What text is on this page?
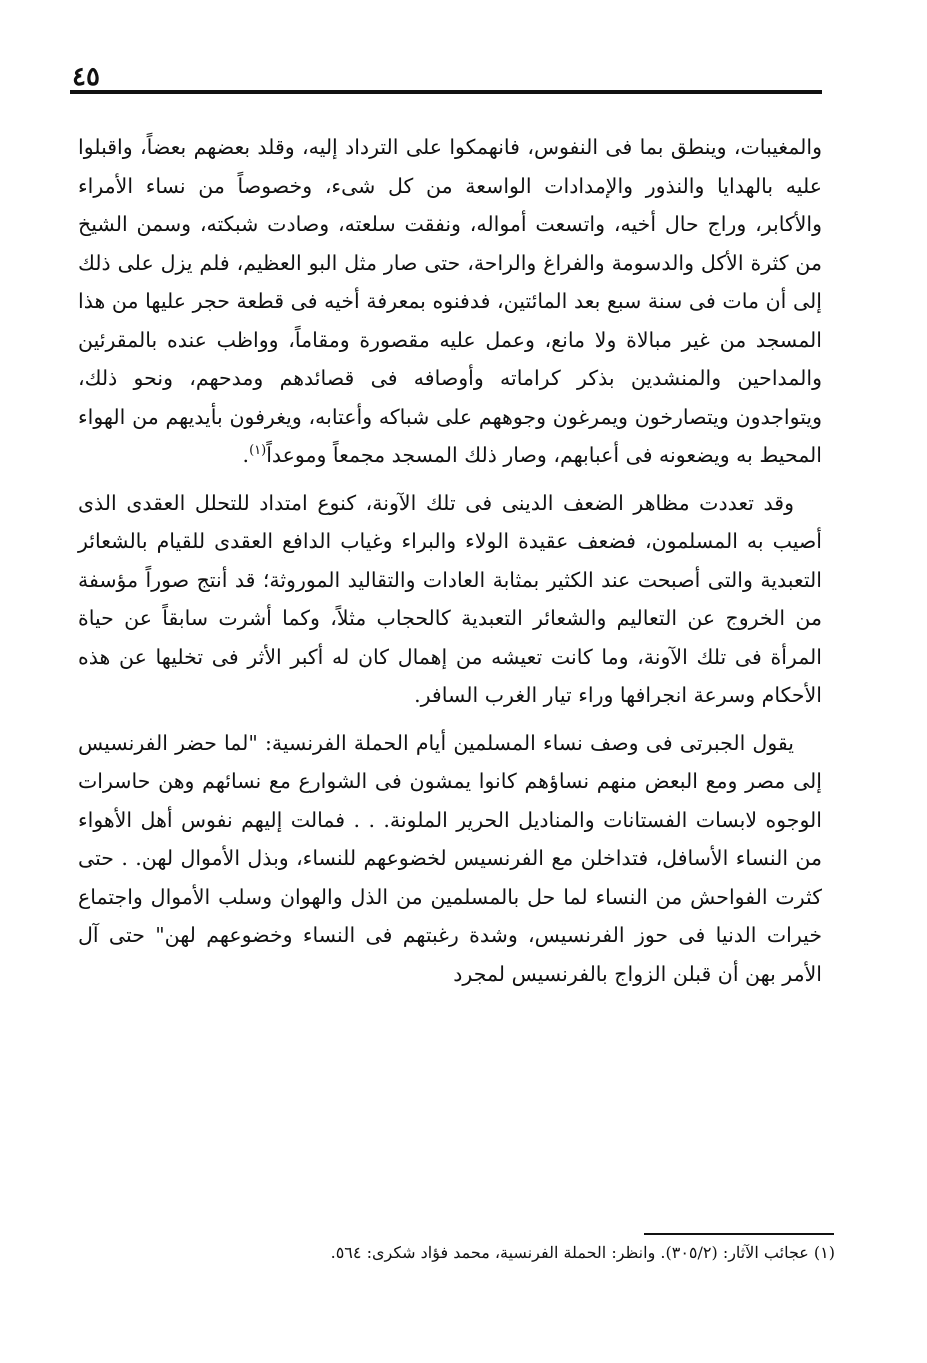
٤٥

والمغيبات، وينطق بما فى النفوس، فانهمكوا على الترداد إليه، وقلد بعضهم بعضاً، واقبلوا عليه بالهدايا والنذور والإمدادات الواسعة من كل شىء، وخصوصاً من نساء الأمراء والأكابر، وراج حال أخيه، واتسعت أمواله، ونفقت سلعته، وصادت شبكته، وسمن الشيخ من كثرة الأكل والدسومة والفراغ والراحة، حتى صار مثل البو العظيم، فلم يزل على ذلك إلى أن مات فى سنة سبع بعد المائتين، فدفنوه بمعرفة أخيه فى قطعة حجر عليها من هذا المسجد من غير مبالاة ولا مانع، وعمل عليه مقصورة ومقاماً، وواظب عنده بالمقرئين والمداحين والمنشدين بذكر كراماته وأوصافه فى قصائدهم ومدحهم، ونحو ذلك، ويتواجدون ويتصارخون ويمرغون وجوههم على شباكه وأعتابه، ويغرفون بأيديهم من الهواء المحيط به ويضعونه فى أعبابهم، وصار ذلك المسجد مجمعاً وموعداً$^{(١)}$.

وقد تعددت مظاهر الضعف الدينى فى تلك الآونة، كنوع امتداد للتحلل العقدى الذى أصيب به المسلمون، فضعف عقيدة الولاء والبراء وغياب الدافع العقدى للقيام بالشعائر التعبدية والتى أصبحت عند الكثير بمثابة العادات والتقاليد الموروثة؛ قد أنتج صوراً مؤسفة من الخروج عن التعاليم والشعائر التعبدية كالحجاب مثلاً، وكما أشرت سابقاً عن حياة المرأة فى تلك الآونة، وما كانت تعيشه من إهمال كان له أكبر الأثر فى تخليها عن هذه الأحكام وسرعة انجرافها وراء تيار الغرب السافر.

يقول الجبرتى فى وصف نساء المسلمين أيام الحملة الفرنسية: "لما حضر الفرنسيس إلى مصر ومع البعض منهم نساؤهم كانوا يمشون فى الشوارع مع نسائهم وهن حاسرات الوجوه لابسات الفستانات والمناديل الحرير الملونة. . . فمالت إليهم نفوس أهل الأهواء من النساء الأسافل، فتداخلن مع الفرنسيس لخضوعهم للنساء، وبذل الأموال لهن. . حتى كثرت الفواحش من النساء لما حل بالمسلمين من الذل والهوان وسلب الأموال واجتماع خيرات الدنيا فى حوز الفرنسيس، وشدة رغبتهم فى النساء وخضوعهم لهن" حتى آل الأمر بهن أن قبلن الزواج بالفرنسيس لمجرد

(١) عجائب الآثار: (٣٠٥/٢). وانظر: الحملة الفرنسية، محمد فؤاد شكرى: ٥٦٤.
